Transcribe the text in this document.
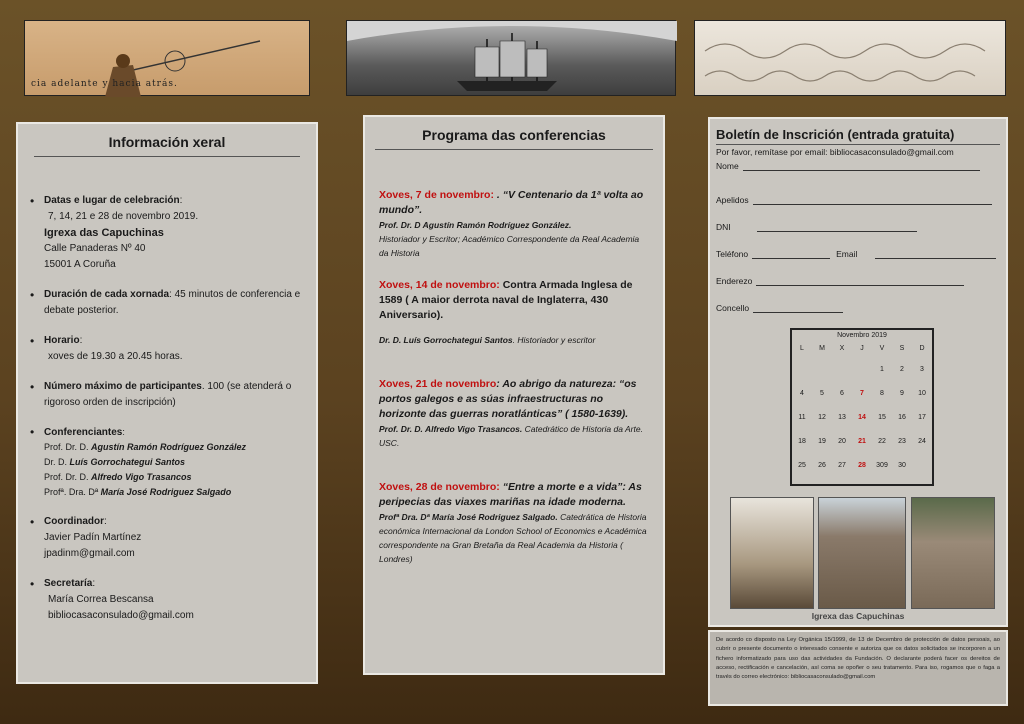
cia adelante y hacia atrás.
Información xeral
• Datas e lugar de celebración:
7, 14, 21 e 28 de novembro 2019.
Igrexa das Capuchinas
Calle Panaderas Nº 40
15001 A Coruña
• Duración de cada xornada: 45 minutos de conferencia e debate posterior.
• Horario:
xoves de 19.30 a 20.45 horas.
• Número máximo de participantes. 100 (se atenderá o rigoroso orden de inscripción)
• Conferenciantes:
Prof. Dr. D. Agustín Ramón Rodríguez González
Dr. D. Luís Gorrochategui Santos
Prof. Dr. D. Alfredo Vigo Trasancos
Profª. Dra. Dª María José Rodriguez Salgado
• Coordinador:
Javier Padín Martínez
jpadinm@gmail.com
• Secretaría:
María Correa Bescansa
bibliocasaconsulado@gmail.com
Programa das conferencias
Xoves, 7 de novembro: . “V Centenario da 1ª volta ao mundo”.
Prof. Dr. D Agustín Ramón Rodríguez González.
Historiador y Escritor; Académico Correspondente da Real Academia da Historia
Xoves, 14 de novembro: Contra Armada Inglesa de 1589 ( A maior derrota naval de Inglaterra, 430 Aniversario).
Dr. D. Luís Gorrochategui Santos. Historiador y escritor
Xoves, 21 de novembro: Ao abrigo da natureza: “os portos galegos e as súas infraestructuras no horizonte das guerras noratlánticas” ( 1580-1639).
Prof. Dr. D. Alfredo Vigo Trasancos. Catedrático de Historia da Arte. USC.
Xoves, 28 de novembro: “Entre a morte e a vida”: As peripecias das viaxes mariñas na idade moderna.
Profª Dra. Dª María José Rodriguez Salgado. Catedrática de Historia económica Internacional da London School of Economics e Académica correspondente na Gran Bretaña da Real Academia da Historia ( Londres)
Boletín de Inscrición (entrada gratuita)
Por favor, remítase por email: bibliocasaconsulado@gmail.com
Nome
Apelidos
DNI
Teléfono	Email
Enderezo
Concello
Novembro 2019
L	M	X	J	V	S	D
				1	2	3
4	5	6	7	8	9	10
11	12	13	14	15	16	17
18	19	20	21	22	23	24
25	26	27	28	309	30	
Igrexa das Capuchinas
De acordo co disposto na Ley Orgánica 15/1999, de 13 de Decembro de protección de datos persoais, ao cubrir o presente documento o interesado consente e autoriza que os datos solicitados se incorporen a un fichero informatizado para uso das actividades da Fundación. O declarante poderá facer os dereitos de acceso, rectificación e cancelación, así coma se opoñer o seu tratamento. Para iso, rogamos que o faga a través do correo electrónico: bibliocasaconsulado@gmail.com
